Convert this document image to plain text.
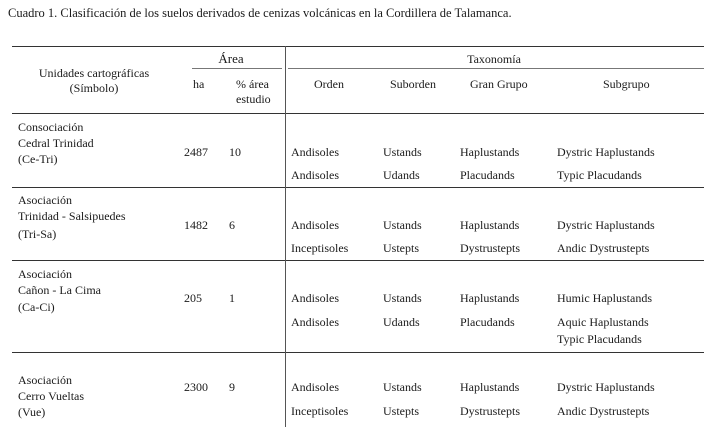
Cuadro 1. Clasificación de los suelos derivados de cenizas volcánicas en la Cordillera de Talamanca.
Unidades cartográficas
(Símbolo)
Área
ha	% área
estudio
Taxonomía
Orden	Suborden	Gran Grupo	Subgrupo
Consociación
Cedral Trinidad
(Ce-Tri)	2487 10	Andisoles	Ustands	Haplustands	Dystric Haplustands
Andisoles	Udands	Placudands	Typic Placudands
Asociación
Trinidad - Salsipuedes
(Tri-Sa)
1482 6	Andisoles	Ustands	Haplustands	Dystric Haplustands
Inceptisoles	Ustepts	Dystrustepts	Andic Dystrustepts
Asociación
Cañon - La Cima
(Ca-Ci)
205 1	Andisoles	Ustands	Haplustands	Humic Haplustands
Andisoles	Udands	Placudands	Aquic Haplustands
Typic Placudands
Asociación
Cerro Vueltas
(Vue)
2300 9	Andisoles	Ustands	Haplustands	Dystric Haplustands
Inceptisoles	Ustepts	Dystrustepts	Andic Dystrustepts
